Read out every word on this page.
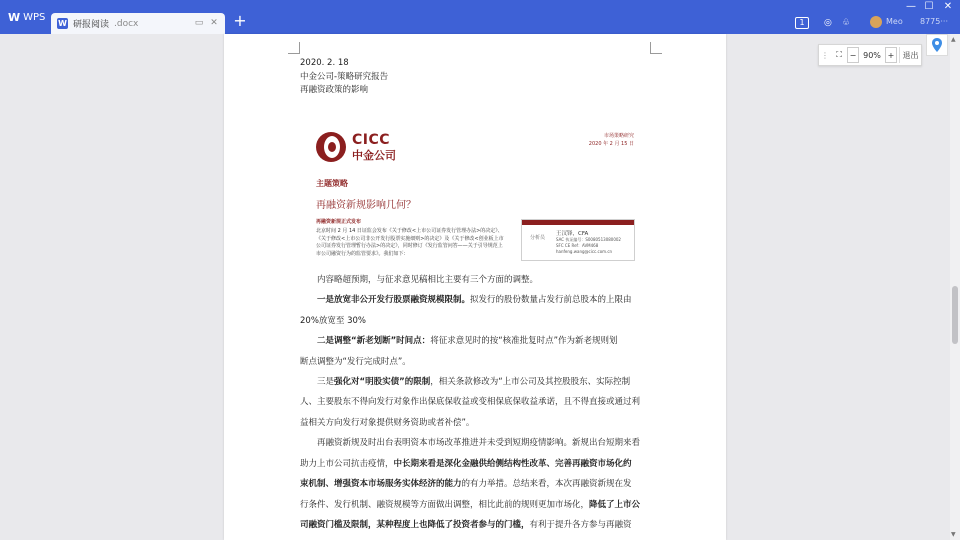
W WPS
W 研报阅读 .docx	▭ ✕ +	1	◎ ♧	Meo 8775···
— ☐ ✕
2020. 2. 18
中金公司-策略研究报告
再融资政策的影响
CICC
中金公司
市场策略研究
2020 年 2 月 15 日
主题策略
再融资新规影响几何？
再融资新规正式发布
北京时间 2 月 14 日证监会发布《关于修改<上市公司证券发行管理办法>的决定》、《关于修改<上市公司非公开发行股票实施细则>的决定》及《关于修改<创业板上市公司证券发行管理暂行办法>的决定》，同时修订《发行监管问答——关于引导规范上市公司融资行为的监管要求》。我们如下：
分析员
王汉锋，CFA
SAC 执证编号：S0080513080002
SFC CE Ref：AVM468
hanfeng.wang@cicc.com.cn
内容略超预期，与征求意见稿相比主要有三个方面的调整。
一是放宽非公开发行股票融资规模限制。拟发行的股份数量占发行前总股本的上限由
20%放宽至 30%
二是调整“新老划断”时间点：将征求意见时的按“核准批复时点”作为新老规则划
断点调整为“发行完成时点”。
三是强化对“明股实债”的限制，相关条款修改为“上市公司及其控股股东、实际控制
人、主要股东不得向发行对象作出保底保收益或变相保底保收益承诺，且不得直接或通过利
益相关方向发行对象提供财务资助或者补偿”。
再融资新规及时出台表明资本市场改革推进并未受到短期疫情影响。新规出台短期来看
助力上市公司抗击疫情，中长期来看是深化金融供给侧结构性改革、完善再融资市场化约
束机制、增强资本市场服务实体经济的能力的有力举措。总结来看，本次再融资新规在发
行条件、发行机制、融资规模等方面做出调整，相比此前的规则更加市场化，降低了上市公
司融资门槛及限制，某种程度上也降低了投资者参与的门槛，有利于提升各方参与再融资
⋮ ⛶ − 90% +	退出
▲
▼
